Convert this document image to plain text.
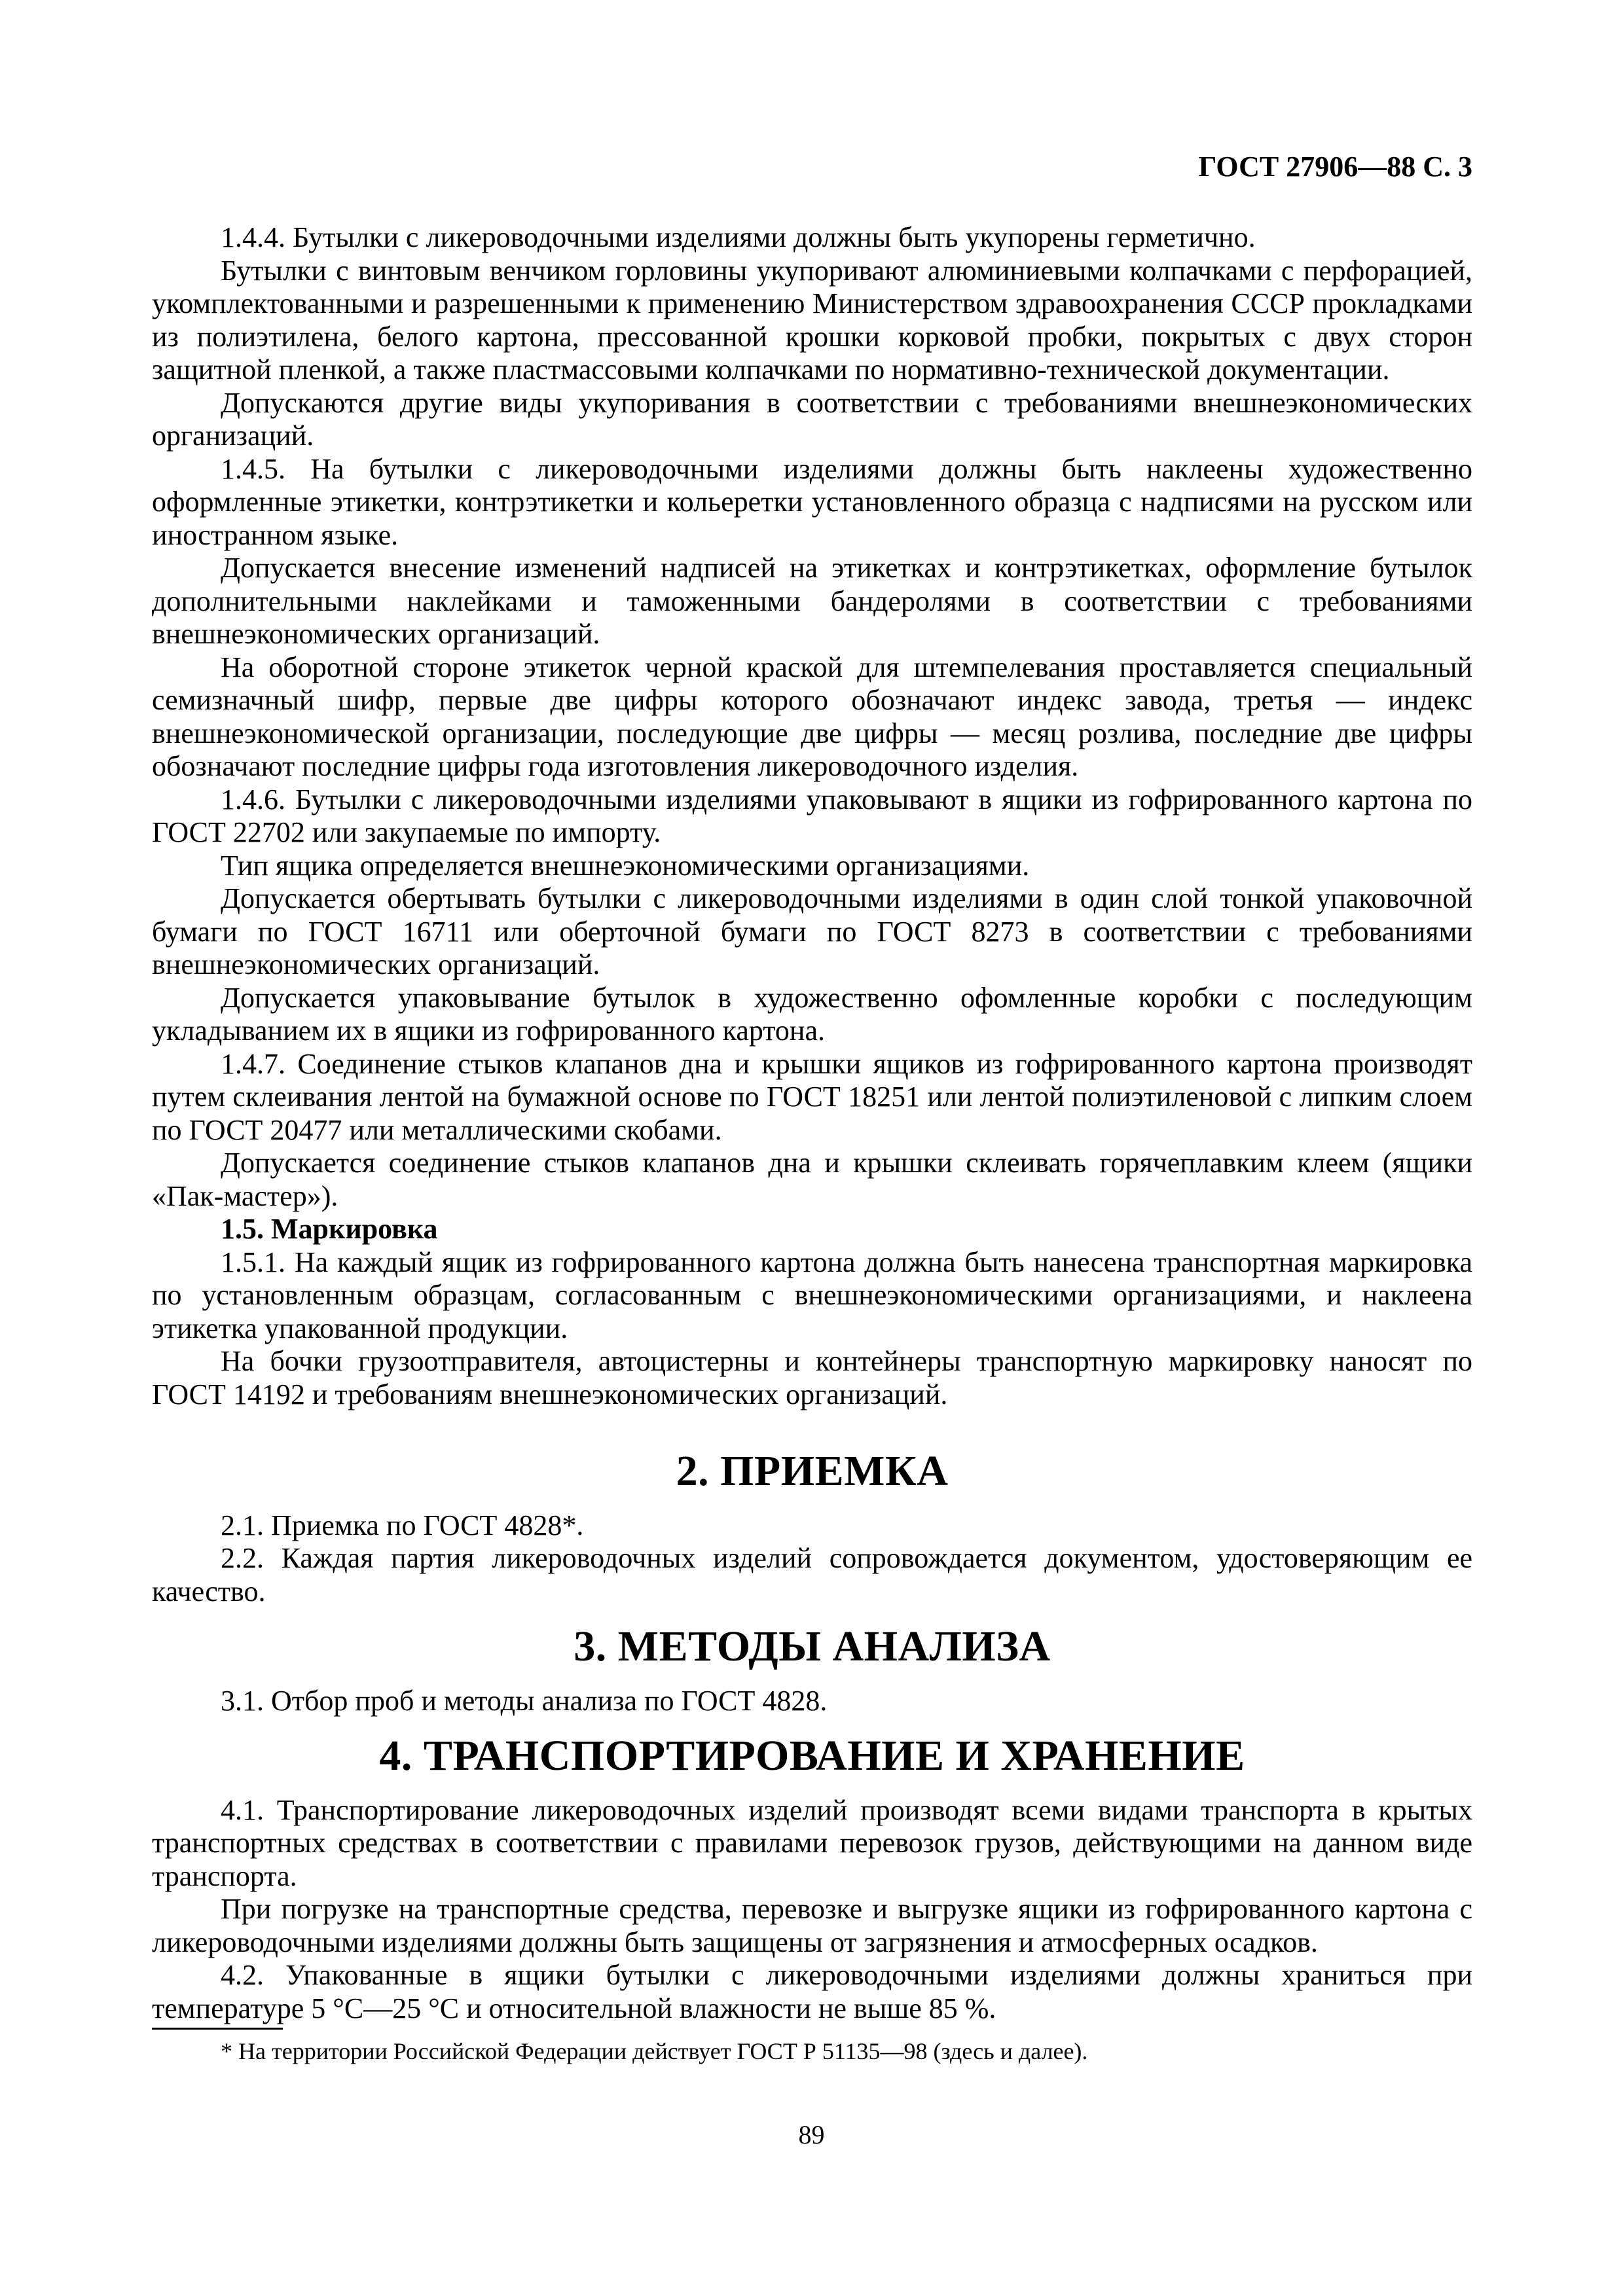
ГОСТ 27906—88 С. 3

1.4.4. Бутылки с ликероводочными изделиями должны быть укупорены герметично.

Бутылки с винтовым венчиком горловины укупоривают алюминиевыми колпачками с перфорацией, укомплектованными и разрешенными к применению Министерством здравоохранения СССР прокладками из полиэтилена, белого картона, прессованной крошки корковой пробки, покрытых с двух сторон защитной пленкой, а также пластмассовыми колпачками по нормативно-технической документации.

Допускаются другие виды укупоривания в соответствии с требованиями внешнеэкономических организаций.

1.4.5. На бутылки с ликероводочными изделиями должны быть наклеены художественно оформленные этикетки, контрэтикетки и кольеретки установленного образца с надписями на русском или иностранном языке.

Допускается внесение изменений надписей на этикетках и контрэтикетках, оформление бутылок дополнительными наклейками и таможенными бандеролями в соответствии с требованиями внешнеэкономических организаций.

На оборотной стороне этикеток черной краской для штемпелевания проставляется специальный семизначный шифр, первые две цифры которого обозначают индекс завода, третья — индекс внешнеэкономической организации, последующие две цифры — месяц розлива, последние две цифры обозначают последние цифры года изготовления ликероводочного изделия.

1.4.6. Бутылки с ликероводочными изделиями упаковывают в ящики из гофрированного картона по ГОСТ 22702 или закупаемые по импорту.

Тип ящика определяется внешнеэкономическими организациями.

Допускается обертывать бутылки с ликероводочными изделиями в один слой тонкой упаковочной бумаги по ГОСТ 16711 или оберточной бумаги по ГОСТ 8273 в соответствии с требованиями внешнеэкономических организаций.

Допускается упаковывание бутылок в художественно офомленные коробки с последующим укладыванием их в ящики из гофрированного картона.

1.4.7. Соединение стыков клапанов дна и крышки ящиков из гофрированного картона производят путем склеивания лентой на бумажной основе по ГОСТ 18251 или лентой полиэтиленовой с липким слоем по ГОСТ 20477 или металлическими скобами.

Допускается соединение стыков клапанов дна и крышки склеивать горячеплавким клеем (ящики «Пак-мастер»).

1.5. Маркировка

1.5.1. На каждый ящик из гофрированного картона должна быть нанесена транспортная маркировка по установленным образцам, согласованным с внешнеэкономическими организациями, и наклеена этикетка упакованной продукции.

На бочки грузоотправителя, автоцистерны и контейнеры транспортную маркировку наносят по ГОСТ 14192 и требованиям внешнеэкономических организаций.

2. ПРИЕМКА

2.1. Приемка по ГОСТ 4828*.

2.2. Каждая партия ликероводочных изделий сопровождается документом, удостоверяющим ее качество.

3. МЕТОДЫ АНАЛИЗА

3.1. Отбор проб и методы анализа по ГОСТ 4828.

4. ТРАНСПОРТИРОВАНИЕ И ХРАНЕНИЕ

4.1. Транспортирование ликероводочных изделий производят всеми видами транспорта в крытых транспортных средствах в соответствии с правилами перевозок грузов, действующими на данном виде транспорта.

При погрузке на транспортные средства, перевозке и выгрузке ящики из гофрированного картона с ликероводочными изделиями должны быть защищены от загрязнения и атмосферных осадков.

4.2. Упакованные в ящики бутылки с ликероводочными изделиями должны храниться при температуре 5 °С—25 °С и относительной влажности не выше 85 %.

* На территории Российской Федерации действует ГОСТ Р 51135—98 (здесь и далее).

89
